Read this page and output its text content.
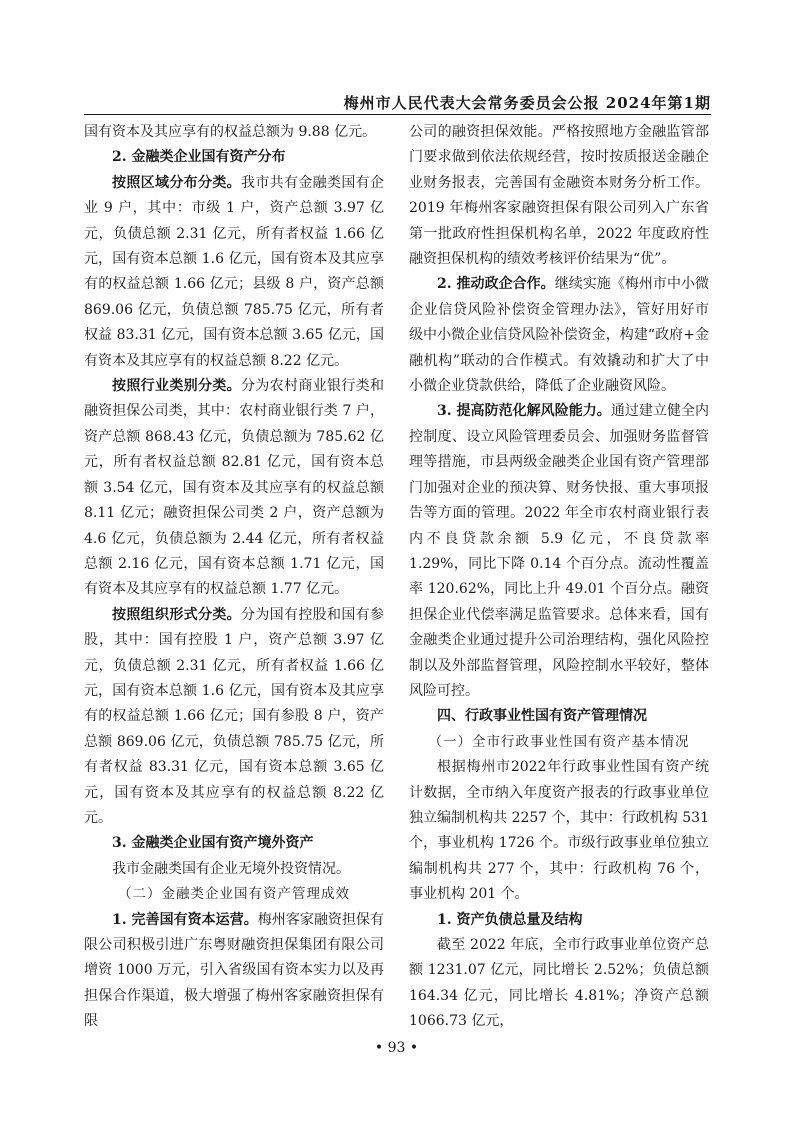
梅州市人民代表大会常务委员会公报 2024年第1期

国有资本及其应享有的权益总额为 9.88 亿元。

2. 金融类企业国有资产分布

按照区域分布分类。我市共有金融类国有企业 9 户，其中：市级 1 户，资产总额 3.97 亿元，负债总额 2.31 亿元，所有者权益 1.66 亿元，国有资本总额 1.6 亿元，国有资本及其应享有的权益总额 1.66 亿元；县级 8 户，资产总额 869.06 亿元，负债总额 785.75 亿元，所有者权益 83.31 亿元，国有资本总额 3.65 亿元，国有资本及其应享有的权益总额 8.22 亿元。

按照行业类别分类。分为农村商业银行类和融资担保公司类，其中：农村商业银行类 7 户，资产总额 868.43 亿元，负债总额为 785.62 亿元，所有者权益总额 82.81 亿元，国有资本总额 3.54 亿元，国有资本及其应享有的权益总额 8.11 亿元；融资担保公司类 2 户，资产总额为 4.6 亿元，负债总额为 2.44 亿元，所有者权益总额 2.16 亿元，国有资本总额 1.71 亿元，国有资本及其应享有的权益总额 1.77 亿元。

按照组织形式分类。分为国有控股和国有参股，其中：国有控股 1 户，资产总额 3.97 亿元，负债总额 2.31 亿元，所有者权益 1.66 亿元，国有资本总额 1.6 亿元，国有资本及其应享有的权益总额 1.66 亿元；国有参股 8 户，资产总额 869.06 亿元，负债总额 785.75 亿元，所有者权益 83.31 亿元，国有资本总额 3.65 亿元，国有资本及其应享有的权益总额 8.22 亿元。

3. 金融类企业国有资产境外资产

我市金融类国有企业无境外投资情况。

（二）金融类企业国有资产管理成效

1. 完善国有资本运营。梅州客家融资担保有限公司积极引进广东粤财融资担保集团有限公司增资 1000 万元，引入省级国有资本实力以及再担保合作渠道，极大增强了梅州客家融资担保有限

公司的融资担保效能。严格按照地方金融监管部门要求做到依法依规经营，按时按质报送金融企业财务报表，完善国有金融资本财务分析工作。2019 年梅州客家融资担保有限公司列入广东省第一批政府性担保机构名单，2022 年度政府性融资担保机构的绩效考核评价结果为“优”。

2. 推动政企合作。继续实施《梅州市中小微企业信贷风险补偿资金管理办法》，管好用好市级中小微企业信贷风险补偿资金，构建“政府+金融机构”联动的合作模式。有效撬动和扩大了中小微企业贷款供给，降低了企业融资风险。

3. 提高防范化解风险能力。通过建立健全内控制度、设立风险管理委员会、加强财务监督管理等措施，市县两级金融类企业国有资产管理部门加强对企业的预决算、财务快报、重大事项报告等方面的管理。2022 年全市农村商业银行表内不良贷款余额 5.9 亿元，不良贷款率 1.29%，同比下降 0.14 个百分点。流动性覆盖率 120.62%，同比上升 49.01 个百分点。融资担保企业代偿率满足监管要求。总体来看，国有金融类企业通过提升公司治理结构，强化风险控制以及外部监督管理，风险控制水平较好，整体风险可控。

四、行政事业性国有资产管理情况

（一）全市行政事业性国有资产基本情况

根据梅州市2022年行政事业性国有资产统计数据，全市纳入年度资产报表的行政事业单位独立编制机构共 2257 个，其中：行政机构 531 个，事业机构 1726 个。市级行政事业单位独立编制机构共 277 个，其中：行政机构 76 个，事业机构 201 个。

1. 资产负债总量及结构

截至 2022 年底，全市行政事业单位资产总额 1231.07 亿元，同比增长 2.52%；负债总额 164.34 亿元，同比增长 4.81%；净资产总额 1066.73 亿元，

• 93 •
